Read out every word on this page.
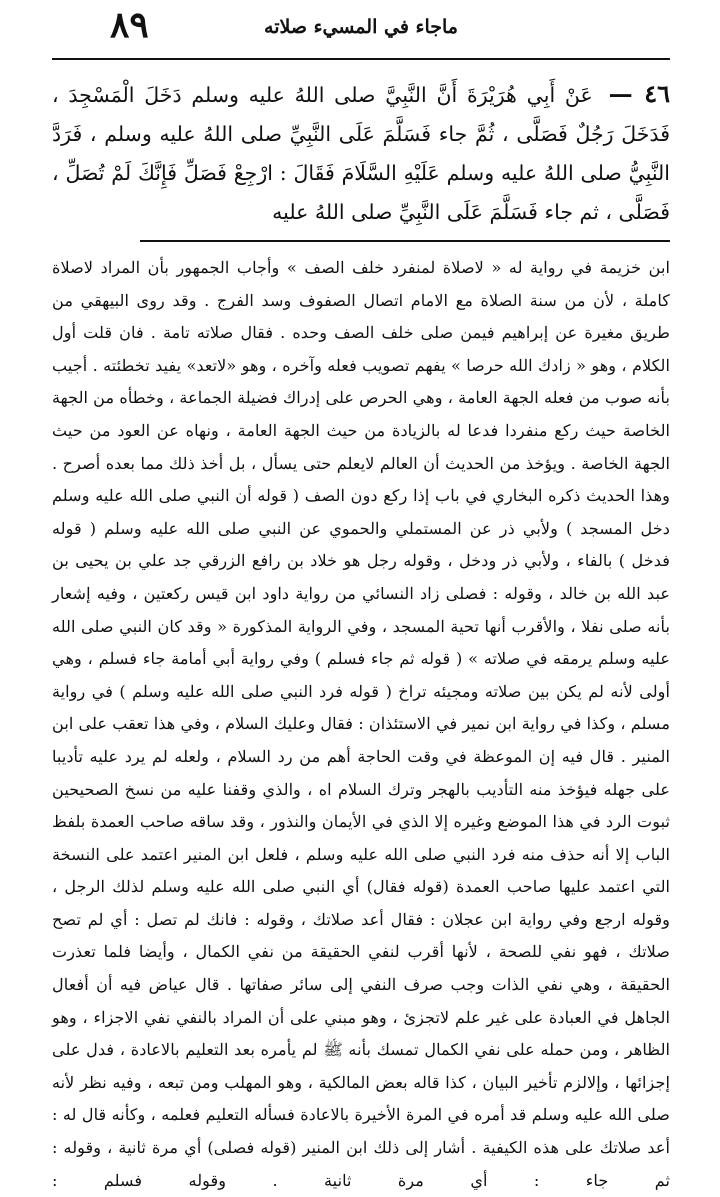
ماجاء في المسيء صلاته
٨٩
٤٦ — عَنْ أَبِي هُرَيْرَةَ أَنَّ النَّبِيَّ صلى اللهُ عليه وسلم دَخَلَ الْمَسْجِدَ ، فَدَخَلَ رَجُلٌ فَصَلَّى ، ثُمَّ جاء فَسَلَّمَ عَلَى النَّبِيِّ صلى اللهُ عليه وسلم ، فَرَدَّ النَّبِيُّ صلى اللهُ عليه وسلم عَلَيْهِ السَّلَامَ فَقَالَ : ارْجِعْ فَصَلِّ فَإِنَّكَ لَمْ تُصَلِّ ، فَصَلَّى ، ثم جاء فَسَلَّمَ عَلَى النَّبِيِّ صلى اللهُ عليه

ابن خزيمة في رواية له « لاصلاة لمنفرد خلف الصف » وأجاب الجمهور بأن المراد لاصلاة كاملة ، لأن من سنة الصلاة مع الامام اتصال الصفوف وسد الفرج . وقد روى البيهقي من طريق مغيرة عن إبراهيم فيمن صلى خلف الصف وحده . فقال صلاته تامة . فان قلت أول الكلام ، وهو « زادك الله حرصا » يفهم تصويب فعله وآخره ، وهو «لاتعد» يفيد تخطئته . أجيب بأنه صوب من فعله الجهة العامة ، وهي الحرص على إدراك فضيلة الجماعة ، وخطأه من الجهة الخاصة حيث ركع منفردا فدعا له بالزيادة من حيث الجهة العامة ، ونهاه عن العود من حيث الجهة الخاصة . ويؤخذ من الحديث أن العالم لايعلم حتى يسأل ، بل أخذ ذلك مما بعده أصرح . وهذا الحديث ذكره البخاري في باب إذا ركع دون الصف ( قوله أن النبي صلى الله عليه وسلم دخل المسجد ) ولأبي ذر عن المستملي والحموي عن النبي صلى الله عليه وسلم ( قوله فدخل ) بالفاء ، ولأبي ذر ودخل ، وقوله رجل هو خلاد بن رافع الزرقي جد علي بن يحيى بن عبد الله بن خالد ، وقوله : فصلى زاد النسائي من رواية داود ابن قيس ركعتين ، وفيه إشعار بأنه صلى نفلا ، والأقرب أنها تحية المسجد ، وفي الرواية المذكورة « وقد كان النبي صلى الله عليه وسلم يرمقه في صلاته » ( قوله ثم جاء فسلم ) وفي رواية أبي أمامة جاء فسلم ، وهي أولى لأنه لم يكن بين صلاته ومجيئه تراخ ( قوله فرد النبي صلى الله عليه وسلم ) في رواية مسلم ، وكذا في رواية ابن نمير في الاستئذان : فقال وعليك السلام ، وفي هذا تعقب على ابن المنير . قال فيه إن الموعظة في وقت الحاجة أهم من رد السلام ، ولعله لم يرد عليه تأديبا على جهله فيؤخذ منه التأديب بالهجر وترك السلام اه ، والذي وقفنا عليه من نسخ الصحيحين ثبوت الرد في هذا الموضع وغيره إلا الذي في الأيمان والنذور ، وقد ساقه صاحب العمدة بلفظ الباب إلا أنه حذف منه فرد النبي صلى الله عليه وسلم ، فلعل ابن المنير اعتمد على النسخة التي اعتمد عليها صاحب العمدة (قوله فقال) أي النبي صلى الله عليه وسلم لذلك الرجل ، وقوله ارجع وفي رواية ابن عجلان : فقال أعد صلاتك ، وقوله : فانك لم تصل : أي لم تصح صلاتك ، فهو نفي للصحة ، لأنها أقرب لنفي الحقيقة من نفي الكمال ، وأيضا فلما تعذرت الحقيقة ، وهي نفي الذات وجب صرف النفي إلى سائر صفاتها . قال عياض فيه أن أفعال الجاهل في العبادة على غير علم لاتجزئ ، وهو مبني على أن المراد بالنفي نفي الاجزاء ، وهو الظاهر ، ومن حمله على نفي الكمال تمسك بأنه ﷺ لم يأمره بعد التعليم بالاعادة ، فدل على إجزائها ، وإلالزم تأخير البيان ، كذا قاله بعض المالكية ، وهو المهلب ومن تبعه ، وفيه نظر لأنه صلى الله عليه وسلم قد أمره في المرة الأخيرة بالاعادة فسأله التعليم فعلمه ، وكأنه قال له : أعد صلاتك على هذه الكيفية . أشار إلى ذلك ابن المنير (قوله فصلى) أي مرة ثانية ، وقوله : ثم جاء : أي مرة ثانية . وقوله فسلم :
